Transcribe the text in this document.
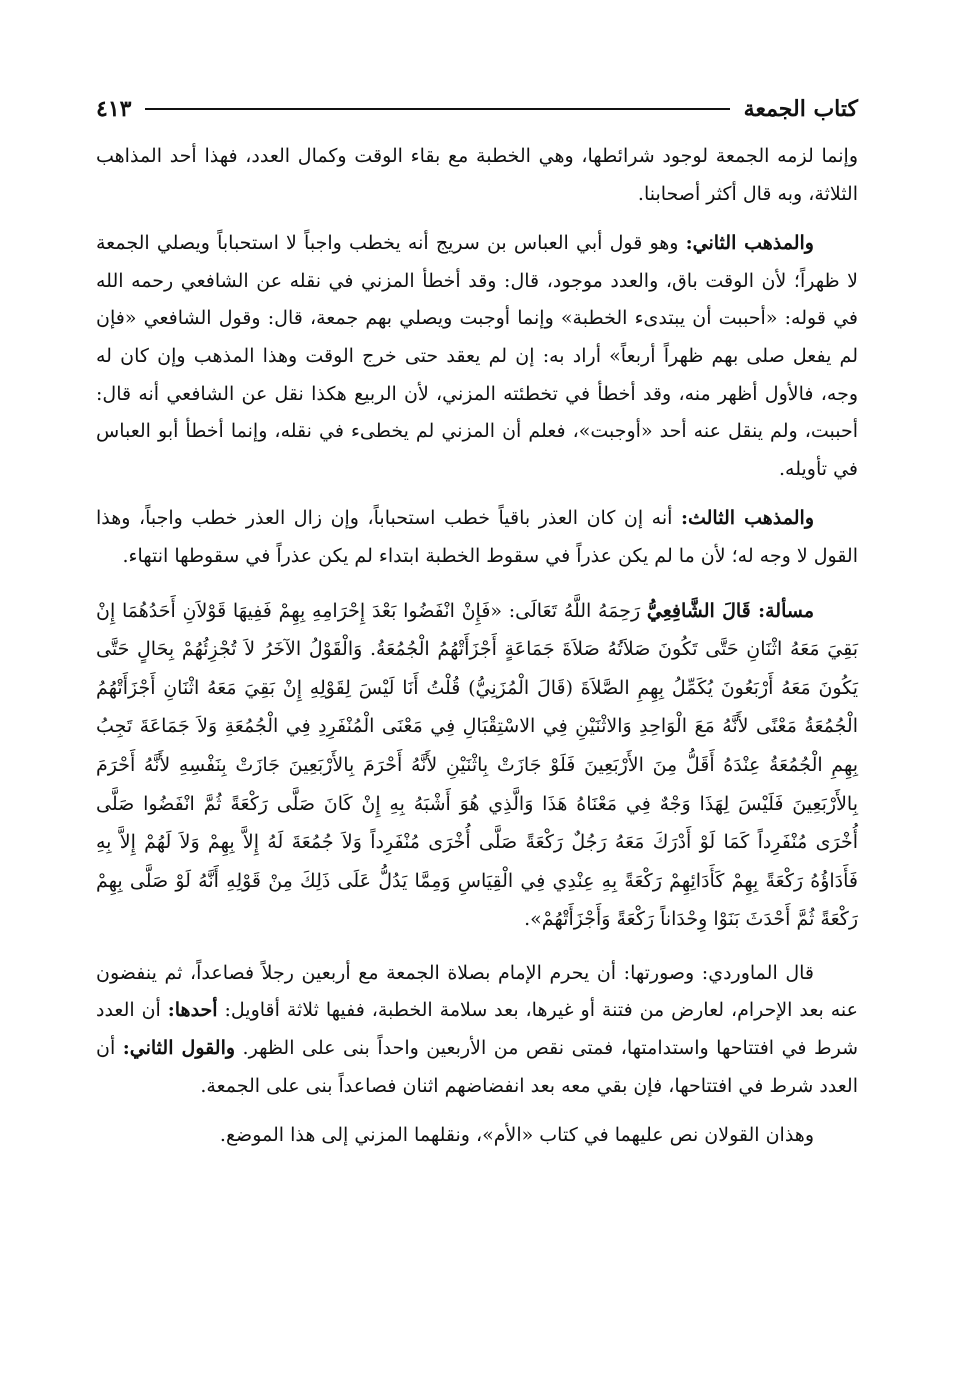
كتاب الجمعة
٤١٣

وإنما لزمه الجمعة لوجود شرائطها، وهي الخطبة مع بقاء الوقت وكمال العدد، فهذا أحد المذاهب الثلاثة، وبه قال أكثر أصحابنا.

والمذهب الثاني: وهو قول أبي العباس بن سريج أنه يخطب واجباً لا استحباباً ويصلي الجمعة لا ظهراً؛ لأن الوقت باق، والعدد موجود، قال: وقد أخطأ المزني في نقله عن الشافعي رحمه الله في قوله: «أحببت أن يبتدىء الخطبة» وإنما أوجبت ويصلي بهم جمعة، قال: وقول الشافعي «فإن لم يفعل صلى بهم ظهراً أربعاً» أراد به: إن لم يعقد حتى خرج الوقت وهذا المذهب وإن كان له وجه، فالأول أظهر منه، وقد أخطأ في تخطئته المزني، لأن الربيع هكذا نقل عن الشافعي أنه قال: أحببت، ولم ينقل عنه أحد «أوجبت»، فعلم أن المزني لم يخطىء في نقله، وإنما أخطأ أبو العباس في تأويله.

والمذهب الثالث: أنه إن كان العذر باقياً خطب استحباباً، وإن زال العذر خطب واجباً، وهذا القول لا وجه له؛ لأن ما لم يكن عذراً في سقوط الخطبة ابتداء لم يكن عذراً في سقوطها انتهاء.

مسألة: قَالَ الشَّافِعِيُّ رَحِمَهُ اللَّهُ تَعَالَى: «فَإِنْ انْفَضُوا بَعْدَ إِحْرَامِهِ بِهِمْ فَفِيهَا قَوْلاَنِ أَحَدُهُمَا إِنْ بَقِيَ مَعَهُ اثْنَانِ حَتَّى تَكُونَ صَلاَتُهُ صَلاَةَ جَمَاعَةٍ أَجْزَأَتْهُمُ الْجُمُعَةُ. وَالْقَوْلُ الآخَرُ لاَ تُجْزِئُهُمْ بِحَالٍ حَتَّى يَكُونَ مَعَهُ أَرْبَعُونَ يُكَمِّلُ بِهِمِ الصَّلاَةَ (قَالَ الْمُزَنِيُّ) قُلْتُ أَنَا لَيْسَ لِقَوْلِهِ إِنْ بَقِيَ مَعَهُ اثْنَانِ أَجْزَأَتْهُمُ الْجُمُعَةُ مَعْنًى لأَنَّهُ مَعَ الْوَاحِدِ وَالاثْنَيْنِ فِي الاسْتِقْبَالِ فِي مَعْنَى الْمُنْفَرِدِ فِي الْجُمُعَةِ وَلاَ جَمَاعَةَ تَجِبُ بِهِمِ الْجُمُعَةُ عِنْدَهُ أَقَلُّ مِنَ الأَرْبَعِينَ فَلَوْ جَازَتْ بِاثْنَيْنِ لأَنَّهُ أَحْرَمَ بِالأَرْبَعِينَ جَازَتْ بِنَفْسِهِ لأَنَّهُ أَحْرَمَ بِالأَرْبَعِينَ فَلَيْسَ لِهَذَا وَجْهٌ فِي مَعْنَاهُ هَذَا وَالَّذِي هُوَ أَشْبَهُ بِهِ إِنْ كَانَ صَلَّى رَكْعَةً ثُمَّ انْفَضُوا صَلَّى أُخْرَى مُنْفَرِداً كَمَا لَوْ أَدْرَكَ مَعَهُ رَجُلٌ رَكْعَةً صَلَّى أُخْرَى مُنْفَرِداً وَلاَ جُمُعَةَ لَهُ إِلاَّ بِهِمْ وَلاَ لَهُمْ إِلاَّ بِهِ فَأَدَاؤُهُ رَكْعَةً بِهِمْ كَأَدَائِهِمْ رَكْعَةً بِهِ عِنْدِي فِي الْقِيَاسِ وَمِمَّا يَدُلُّ عَلَى ذَلِكَ مِنْ قَوْلِهِ أَنَّهُ لَوْ صَلَّى بِهِمْ رَكْعَةً ثُمَّ أَحْدَثَ بَنَوْا وِحْدَاناً رَكْعَةً وَأَجْزَأَتْهُمْ».

قال الماوردي: وصورتها: أن يحرم الإمام بصلاة الجمعة مع أربعين رجلاً فصاعداً، ثم ينفضون عنه بعد الإحرام، لعارض من فتنة أو غيرها، بعد سلامة الخطبة، ففيها ثلاثة أقاويل: أحدها: أن العدد شرط في افتتاحها واستدامتها، فمتى نقص من الأربعين واحداً بنى على الظهر. والقول الثاني: أن العدد شرط في افتتاحها، فإن بقي معه بعد انفضاضهم اثنان فصاعداً بنى على الجمعة.

وهذان القولان نص عليهما في كتاب «الأم»، ونقلهما المزني إلى هذا الموضع.
